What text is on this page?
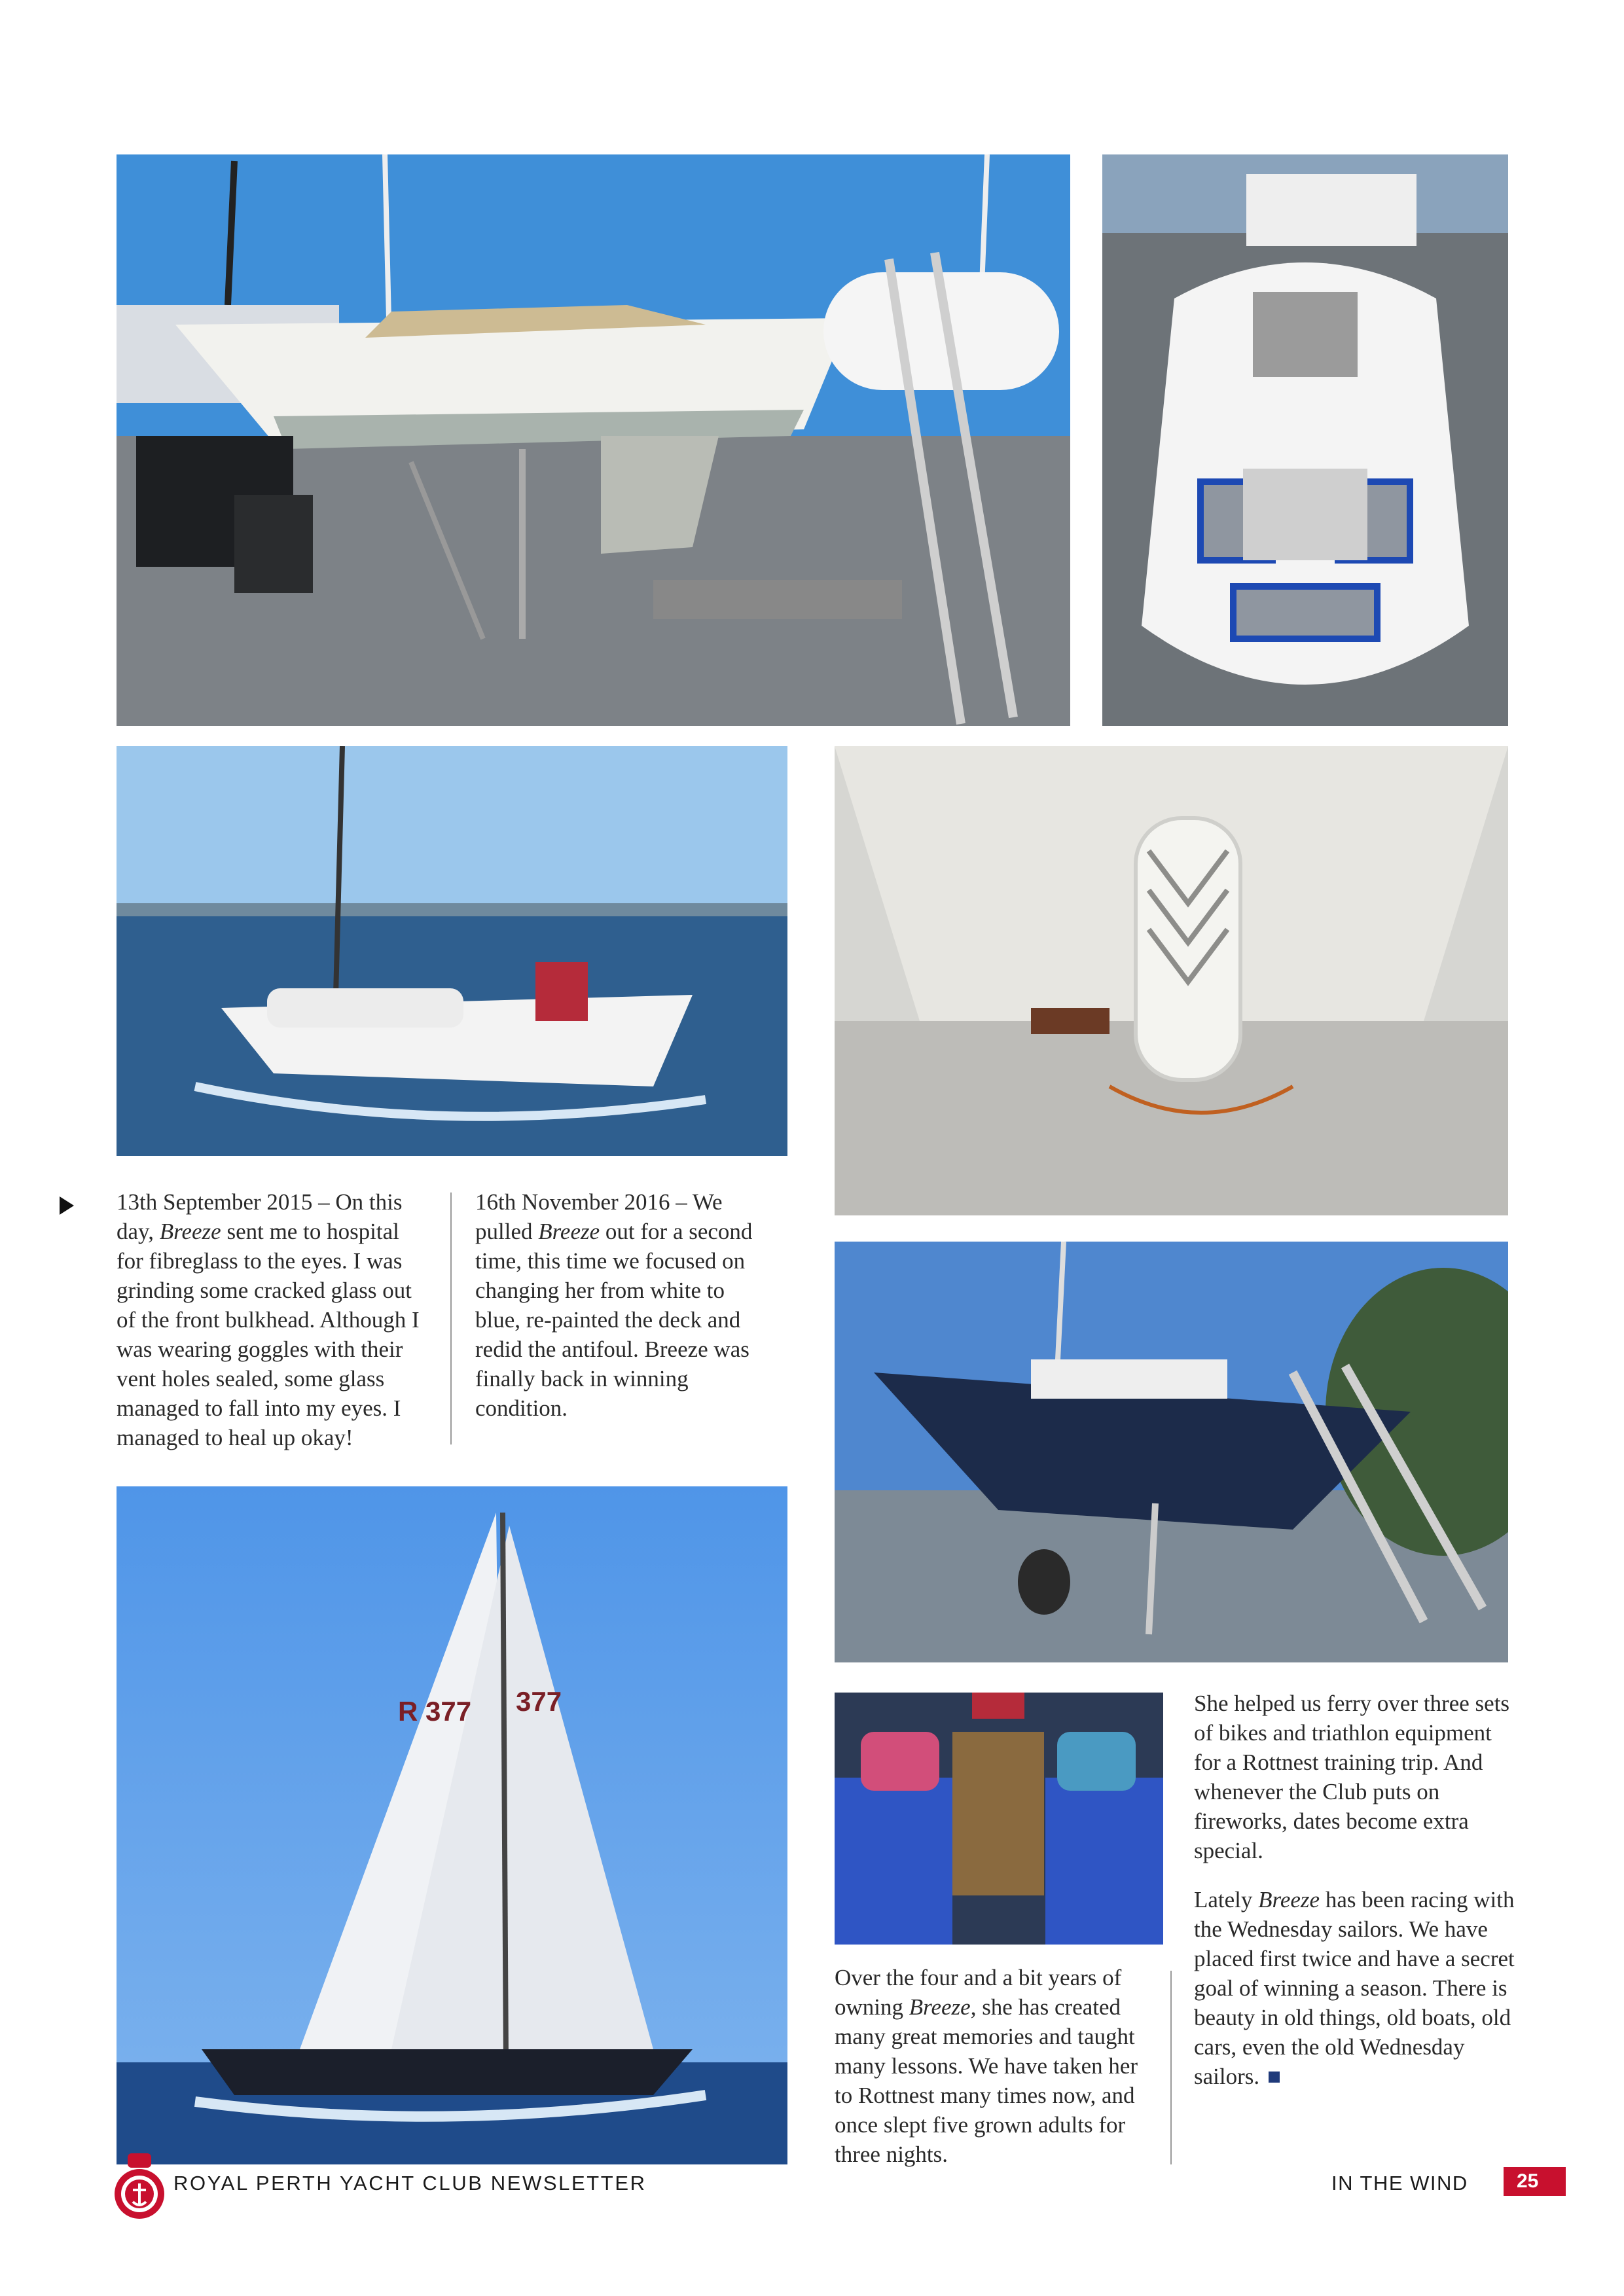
R 377 377

13th September 2015 – On this day, Breeze sent me to hospital for fibreglass to the eyes. I was grinding some cracked glass out of the front bulkhead. Although I was wearing goggles with their vent holes sealed, some glass managed to fall into my eyes. I managed to heal up okay!

16th November 2016 – We pulled Breeze out for a second time, this time we focused on changing her from white to blue, re-painted the deck and redid the antifoul. Breeze was finally back in winning condition.

Over the four and a bit years of owning Breeze, she has created many great memories and taught many lessons. We have taken her to Rottnest many times now, and once slept five grown adults for three nights.

She helped us ferry over three sets of bikes and triathlon equipment for a Rottnest training trip. And whenever the Club puts on fireworks, dates become extra special.

Lately Breeze has been racing with the Wednesday sailors. We have placed first twice and have a secret goal of winning a season. There is beauty in old things, old boats, old cars, even the old Wednesday sailors.

ROYAL PERTH YACHT CLUB NEWSLETTER	IN THE WIND	25
